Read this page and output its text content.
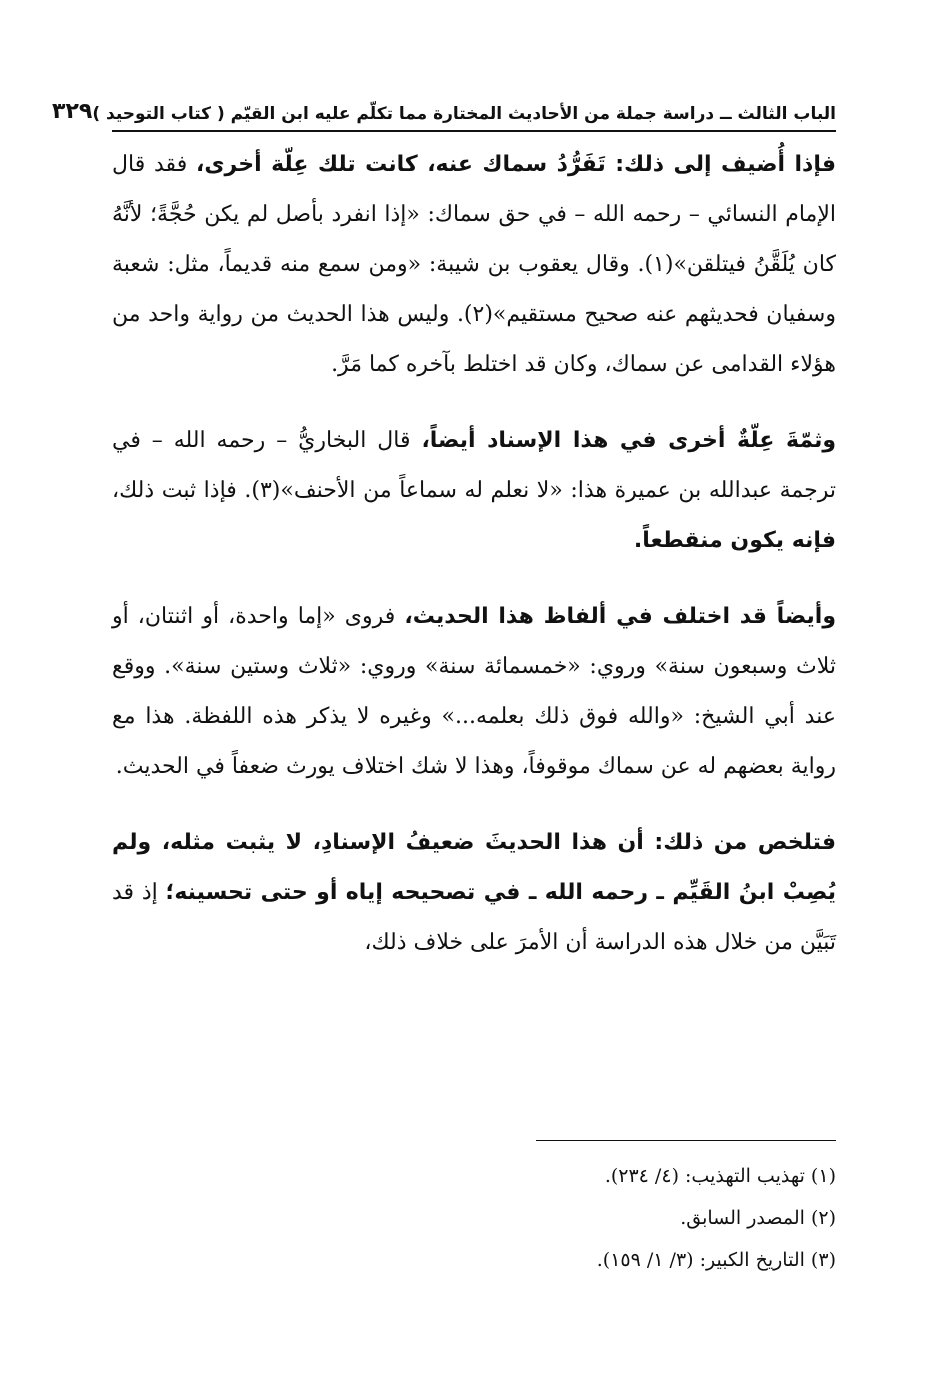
الباب الثالث ــ دراسة جملة من الأحاديث المختارة مما تكلّم عليه ابن القيّم ( كتاب التوحيد )
٣٢٩

فإذا أُضيف إلى ذلك: تَفَرُّدُ سماك عنه، كانت تلك عِلّة أخرى، فقد قال الإمام النسائي – رحمه الله – في حق سماك: «إذا انفرد بأصل لم يكن حُجَّةً؛ لأنَّهُ كان يُلَقَّنُ فيتلقن»(١). وقال يعقوب بن شيبة: «ومن سمع منه قديماً، مثل: شعبة وسفيان فحديثهم عنه صحيح مستقيم»(٢). وليس هذا الحديث من رواية واحد من هؤلاء القدامى عن سماك، وكان قد اختلط بآخره كما مَرَّ.

وثمّةَ عِلّةٌ أخرى في هذا الإسناد أيضاً، قال البخاريُّ – رحمه الله – في ترجمة عبدالله بن عميرة هذا: «لا نعلم له سماعاً من الأحنف»(٣). فإذا ثبت ذلك، فإنه يكون منقطعاً.

وأيضاً قد اختلف في ألفاظ هذا الحديث، فروى «إما واحدة، أو اثنتان، أو ثلاث وسبعون سنة» وروي: «خمسمائة سنة» وروي: «ثلاث وستين سنة». ووقع عند أبي الشيخ: «والله فوق ذلك بعلمه...» وغيره لا يذكر هذه اللفظة. هذا مع رواية بعضهم له عن سماك موقوفاً، وهذا لا شك اختلاف يورث ضعفاً في الحديث.

فتلخص من ذلك: أن هذا الحديثَ ضعيفُ الإسنادِ، لا يثبت مثله، ولم يُصِبْ ابنُ القَيِّم ـ رحمه الله ـ في تصحيحه إياه أو حتى تحسينه؛ إذ قد تَبَيَّن من خلال هذه الدراسة أن الأمرَ على خلاف ذلك،

(١) تهذيب التهذيب: (٤/ ٢٣٤).

(٢) المصدر السابق.

(٣) التاريخ الكبير: (٣/ ١/ ١٥٩).
